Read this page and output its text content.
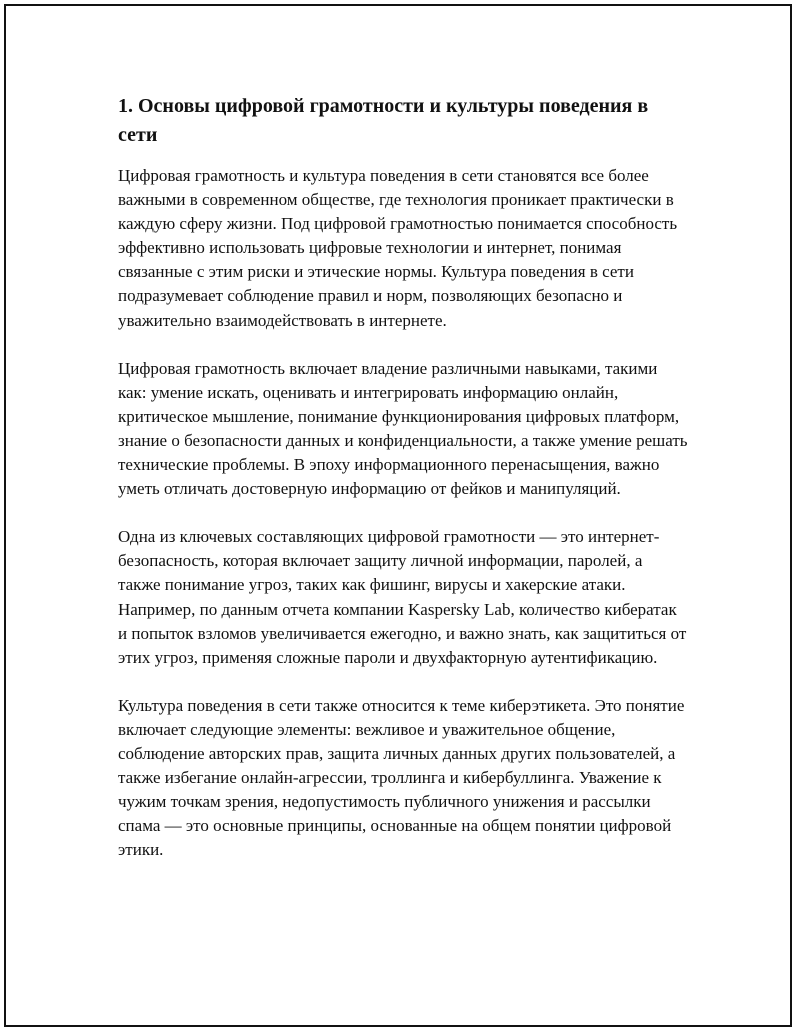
1. Основы цифровой грамотности и культуры поведения в сети

Цифровая грамотность и культура поведения в сети становятся все более важными в современном обществе, где технология проникает практически в каждую сферу жизни. Под цифровой грамотностью понимается способность эффективно использовать цифровые технологии и интернет, понимая связанные с этим риски и этические нормы. Культура поведения в сети подразумевает соблюдение правил и норм, позволяющих безопасно и уважительно взаимодействовать в интернете.

Цифровая грамотность включает владение различными навыками, такими как: умение искать, оценивать и интегрировать информацию онлайн, критическое мышление, понимание функционирования цифровых платформ, знание о безопасности данных и конфиденциальности, а также умение решать технические проблемы. В эпоху информационного перенасыщения, важно уметь отличать достоверную информацию от фейков и манипуляций.

Одна из ключевых составляющих цифровой грамотности — это интернет-безопасность, которая включает защиту личной информации, паролей, а также понимание угроз, таких как фишинг, вирусы и хакерские атаки. Например, по данным отчета компании Kaspersky Lab, количество кибератак и попыток взломов увеличивается ежегодно, и важно знать, как защититься от этих угроз, применяя сложные пароли и двухфакторную аутентификацию.

Культура поведения в сети также относится к теме киберэтикета. Это понятие включает следующие элементы: вежливое и уважительное общение, соблюдение авторских прав, защита личных данных других пользователей, а также избегание онлайн-агрессии, троллинга и кибербуллинга. Уважение к чужим точкам зрения, недопустимость публичного унижения и рассылки спама — это основные принципы, основанные на общем понятии цифровой этики.
